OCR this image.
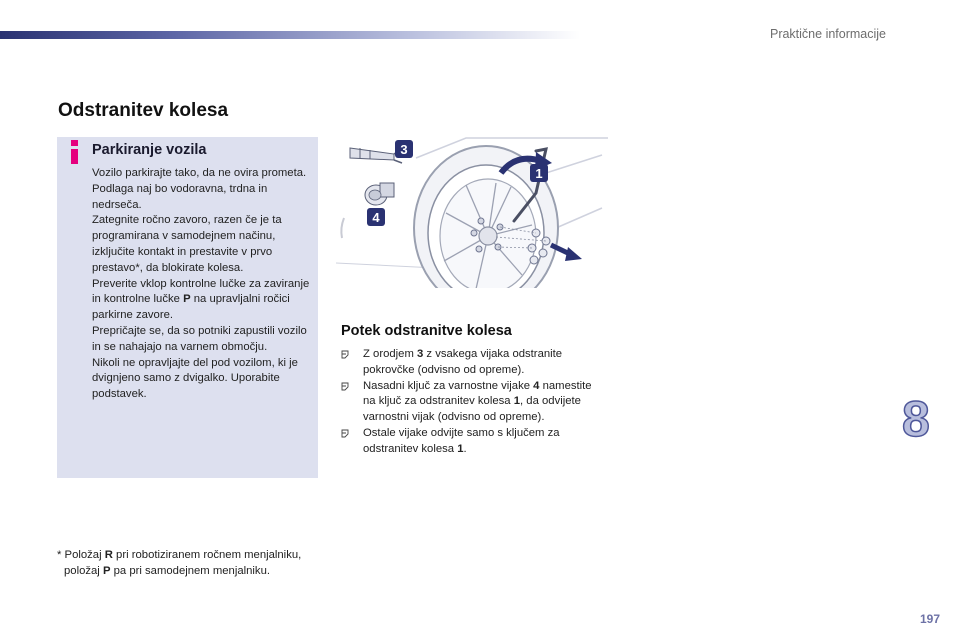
Praktične informacije
Odstranitev kolesa
Parkiranje vozila

Vozilo parkirajte tako, da ne ovira prometa. Podlaga naj bo vodoravna, trdna in nedrseča.

Zategnite ročno zavoro, razen če je ta programirana v samodejnem načinu, izključite kontakt in prestavite v prvo prestavo*, da blokirate kolesa.

Preverite vklop kontrolne lučke za zaviranje in kontrolne lučke P na upravljalni ročici parkirne zavore.

Prepričajte se, da so potniki zapustili vozilo in se nahajajo na varnem območju.

Nikoli ne opravljajte del pod vozilom, ki je dvignjeno samo z dvigalko. Uporabite podstavek.

3
1
4
Potek odstranitve kolesa
Z orodjem 3 z vsakega vijaka odstranite pokrovčke (odvisno od opreme).
Nasadni ključ za varnostne vijake 4 namestite na ključ za odstranitev kolesa 1, da odvijete varnostni vijak (odvisno od opreme).
Ostale vijake odvijte samo s ključem za odstranitev kolesa 1.

* Položaj R pri robotiziranem ročnem menjalniku, položaj P pa pri samodejnem menjalniku.

8
197
